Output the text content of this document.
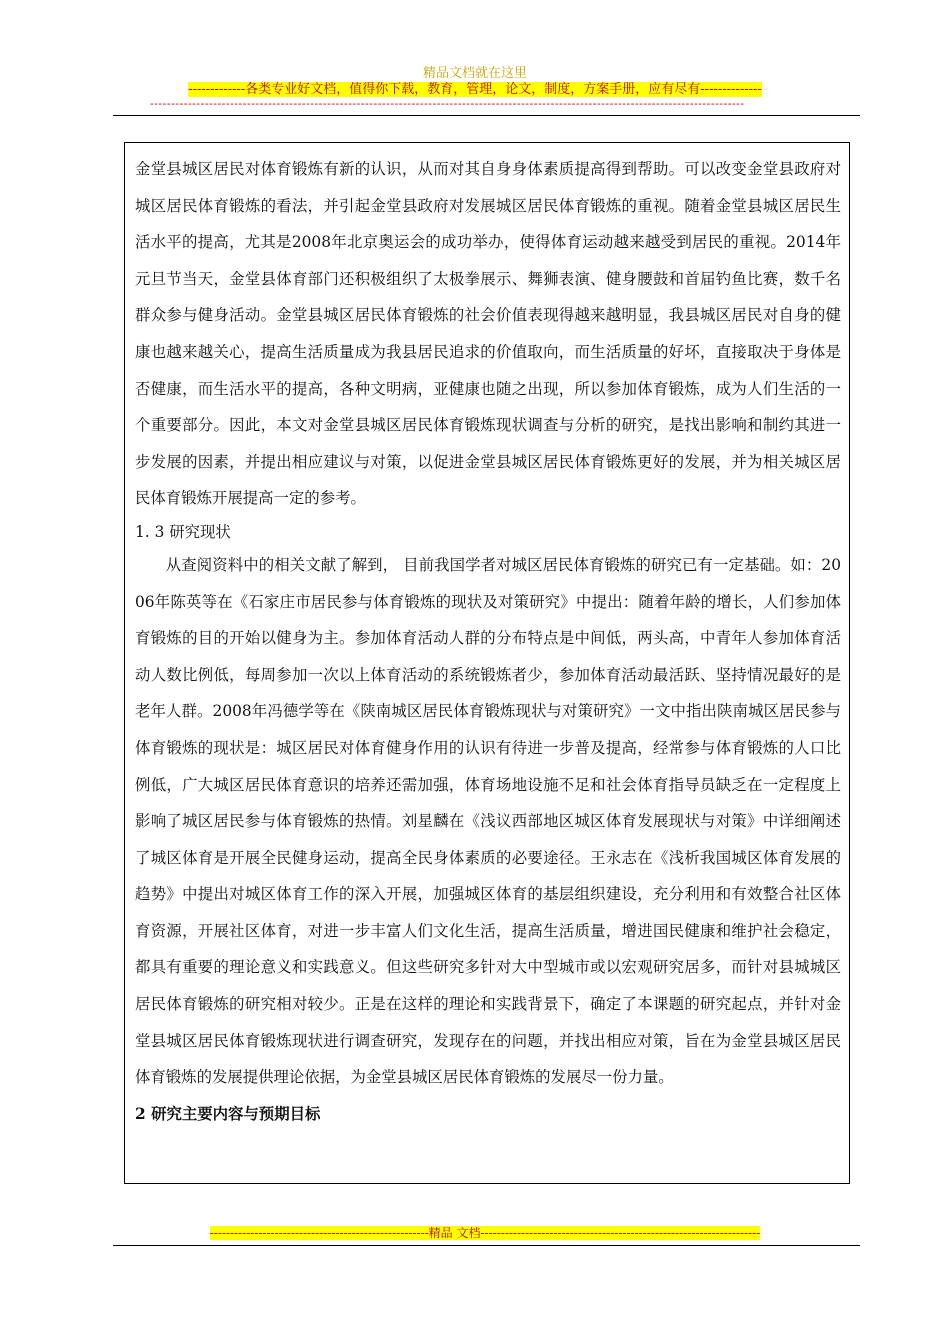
精品文档就在这里
-------------各类专业好文档，值得你下载，教育，管理，论文，制度，方案手册，应有尽有--------------
---------------------------------------------------------------------------------------------------------------------------------------------

金堂县城区居民对体育锻炼有新的认识，从而对其自身身体素质提高得到帮助。可以改变金堂县政府对城区居民体育锻炼的看法，并引起金堂县政府对发展城区居民体育锻炼的重视。随着金堂县城区居民生活水平的提高，尤其是2008年北京奥运会的成功举办，使得体育运动越来越受到居民的重视。2014年元旦节当天，金堂县体育部门还积极组织了太极拳展示、舞狮表演、健身腰鼓和首届钓鱼比赛，数千名群众参与健身活动。金堂县城区居民体育锻炼的社会价值表现得越来越明显，我县城区居民对自身的健康也越来越关心，提高生活质量成为我县居民追求的价值取向，而生活质量的好坏，直接取决于身体是否健康，而生活水平的提高，各种文明病，亚健康也随之出现，所以参加体育锻炼，成为人们生活的一个重要部分。因此，本文对金堂县城区居民体育锻炼现状调查与分析的研究，是找出影响和制约其进一步发展的因素，并提出相应建议与对策，以促进金堂县城区居民体育锻炼更好的发展，并为相关城区居民体育锻炼开展提高一定的参考。

1. 3 研究现状

从查阅资料中的相关文献了解到， 目前我国学者对城区居民体育锻炼的研究已有一定基础。如：2006年陈英等在《石家庄市居民参与体育锻炼的现状及对策研究》中提出：随着年龄的增长，人们参加体育锻炼的目的开始以健身为主。参加体育活动人群的分布特点是中间低，两头高，中青年人参加体育活动人数比例低，每周参加一次以上体育活动的系统锻炼者少，参加体育活动最活跃、坚持情况最好的是老年人群。2008年冯德学等在《陕南城区居民体育锻炼现状与对策研究》一文中指出陕南城区居民参与体育锻炼的现状是：城区居民对体育健身作用的认识有待进一步普及提高，经常参与体育锻炼的人口比例低，广大城区居民体育意识的培养还需加强，体育场地设施不足和社会体育指导员缺乏在一定程度上影响了城区居民参与体育锻炼的热情。刘星麟在《浅议西部地区城区体育发展现状与对策》中详细阐述了城区体育是开展全民健身运动，提高全民身体素质的必要途径。王永志在《浅析我国城区体育发展的趋势》中提出对城区体育工作的深入开展，加强城区体育的基层组织建设，充分利用和有效整合社区体育资源，开展社区体育，对进一步丰富人们文化生活，提高生活质量，增进国民健康和维护社会稳定，都具有重要的理论意义和实践意义。但这些研究多针对大中型城市或以宏观研究居多，而针对县城城区居民体育锻炼的研究相对较少。正是在这样的理论和实践背景下，确定了本课题的研究起点，并针对金堂县城区居民体育锻炼现状进行调查研究，发现存在的问题，并找出相应对策，旨在为金堂县城区居民体育锻炼的发展提供理论依据，为金堂县城区居民体育锻炼的发展尽一份力量。

2 研究主要内容与预期目标

------------------------------------------------------精品 文档---------------------------------------------------------------------
